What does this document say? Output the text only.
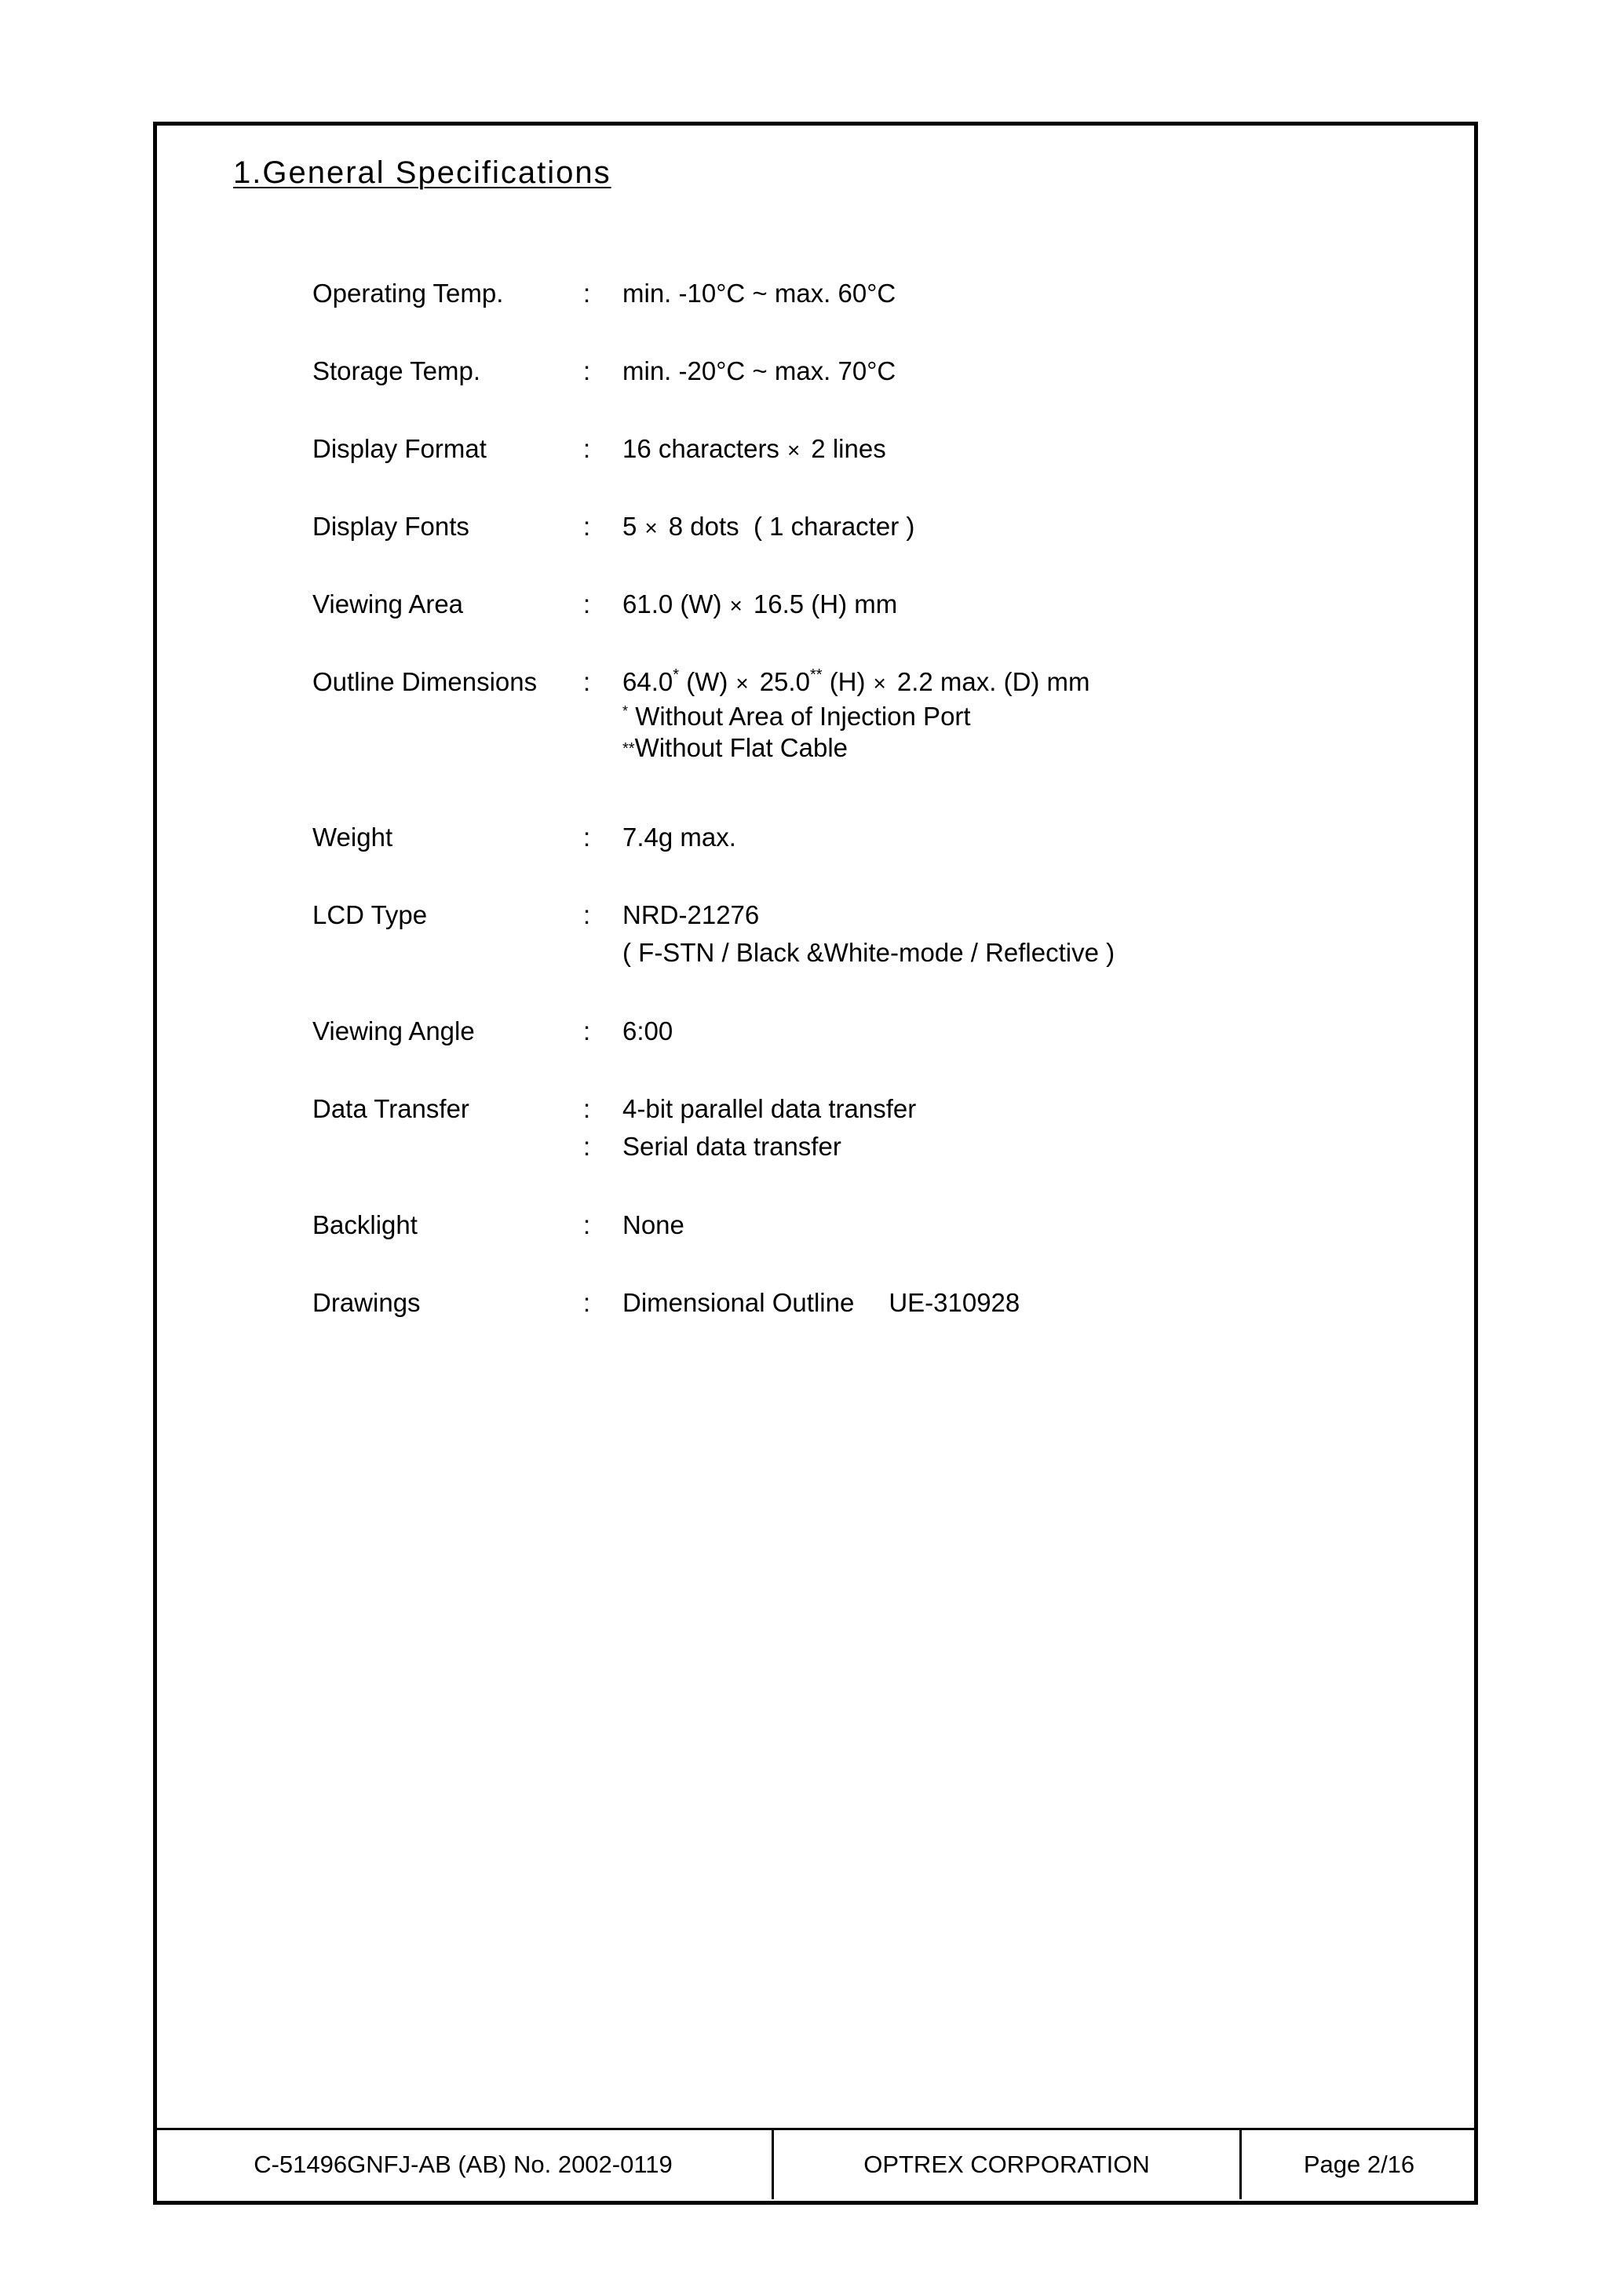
1.General Specifications
Operating Temp.	: min. -10°C ~ max. 60°C
Storage Temp.	: min. -20°C ~ max. 70°C
Display Format	: 16 characters × 2 lines
Display Fonts	: 5 × 8 dots  ( 1 character )
Viewing Area	: 61.0 (W) × 16.5 (H) mm
Outline Dimensions : 64.0* (W) × 25.0** (H) × 2.2 max. (D) mm
* Without Area of Injection Port
**Without Flat Cable
Weight	: 7.4g max.
LCD Type	: NRD-21276
( F-STN / Black &White-mode / Reflective )
Viewing Angle	: 6:00
Data Transfer	: 4-bit parallel data transfer
: Serial data transfer
Backlight	: None
Drawings	: Dimensional Outline UE-310928
C-51496GNFJ-AB (AB) No. 2002-0119	OPTREX CORPORATION	Page 2/16
